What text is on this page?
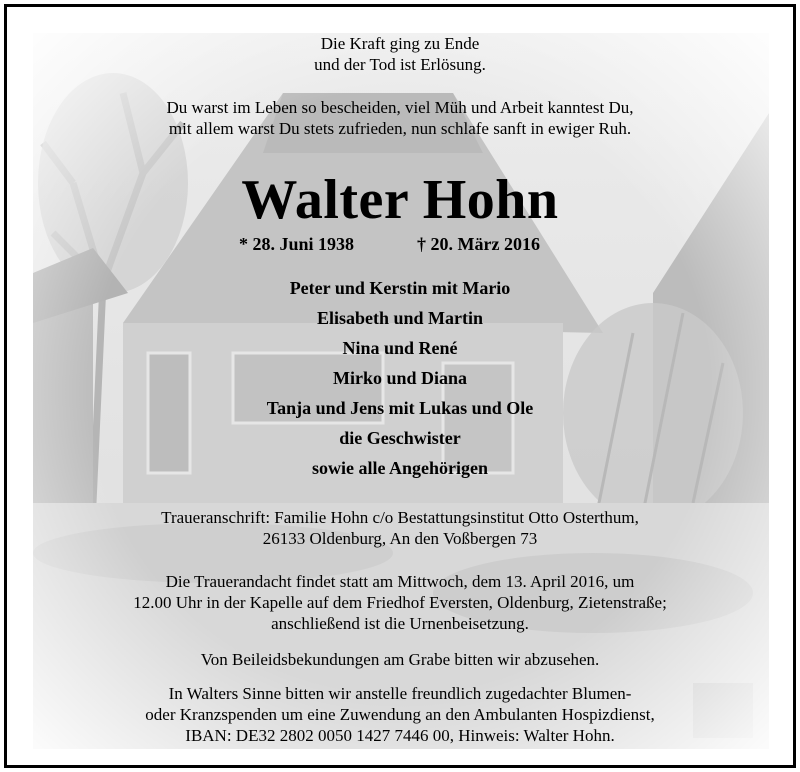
Die Kraft ging zu Ende
und der Tod ist Erlösung.

Du warst im Leben so bescheiden, viel Müh und Arbeit kanntest Du,
mit allem warst Du stets zufrieden, nun schlafe sanft in ewiger Ruh.

Walter Hohn
* 28. Juni 1938	† 20. März 2016

Peter und Kerstin mit Mario
Elisabeth und Martin
Nina und René
Mirko und Diana
Tanja und Jens mit Lukas und Ole
die Geschwister
sowie alle Angehörigen

Traueranschrift: Familie Hohn c/o Bestattungsinstitut Otto Osterthum,
26133 Oldenburg, An den Voßbergen 73

Die Trauerandacht findet statt am Mittwoch, dem 13. April 2016, um
12.00 Uhr in der Kapelle auf dem Friedhof Eversten, Oldenburg, Zietenstraße;
anschließend ist die Urnenbeisetzung.

Von Beileidsbekundungen am Grabe bitten wir abzusehen.

In Walters Sinne bitten wir anstelle freundlich zugedachter Blumen-
oder Kranzspenden um eine Zuwendung an den Ambulanten Hospizdienst,
IBAN: DE32 2802 0050 1427 7446 00, Hinweis: Walter Hohn.
